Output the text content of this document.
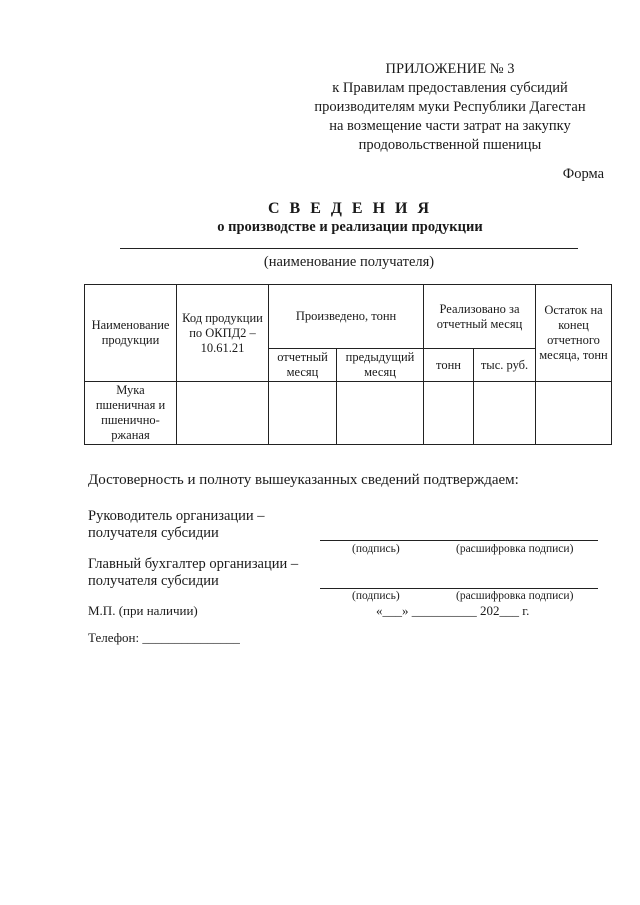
ПРИЛОЖЕНИЕ № 3
к Правилам предоставления субсидий
производителям муки Республики Дагестан
на возмещение части затрат на закупку
продовольственной пшеницы
Форма
С В Е Д Е Н И Я
о производстве и реализации продукции
(наименование получателя)
Наименование продукции	Код продукции по ОКПД2 – 10.61.21	Произведено, тонн		Реализовано за отчетный месяц		Остаток на конец отчетного месяца, тонн
		отчетный месяц	предыдущий месяц	тонн	тыс. руб.	
Мука пшеничная и пшенично-ржаная						
Достоверность и полноту вышеуказанных сведений подтверждаем:
Руководитель организации –
получателя субсидии
(подпись)	(расшифровка подписи)
Главный бухгалтер организации –
получателя субсидии
(подпись)	(расшифровка подписи)
М.П. (при наличии)	«___» __________ 202___ г.
Телефон: _______________
